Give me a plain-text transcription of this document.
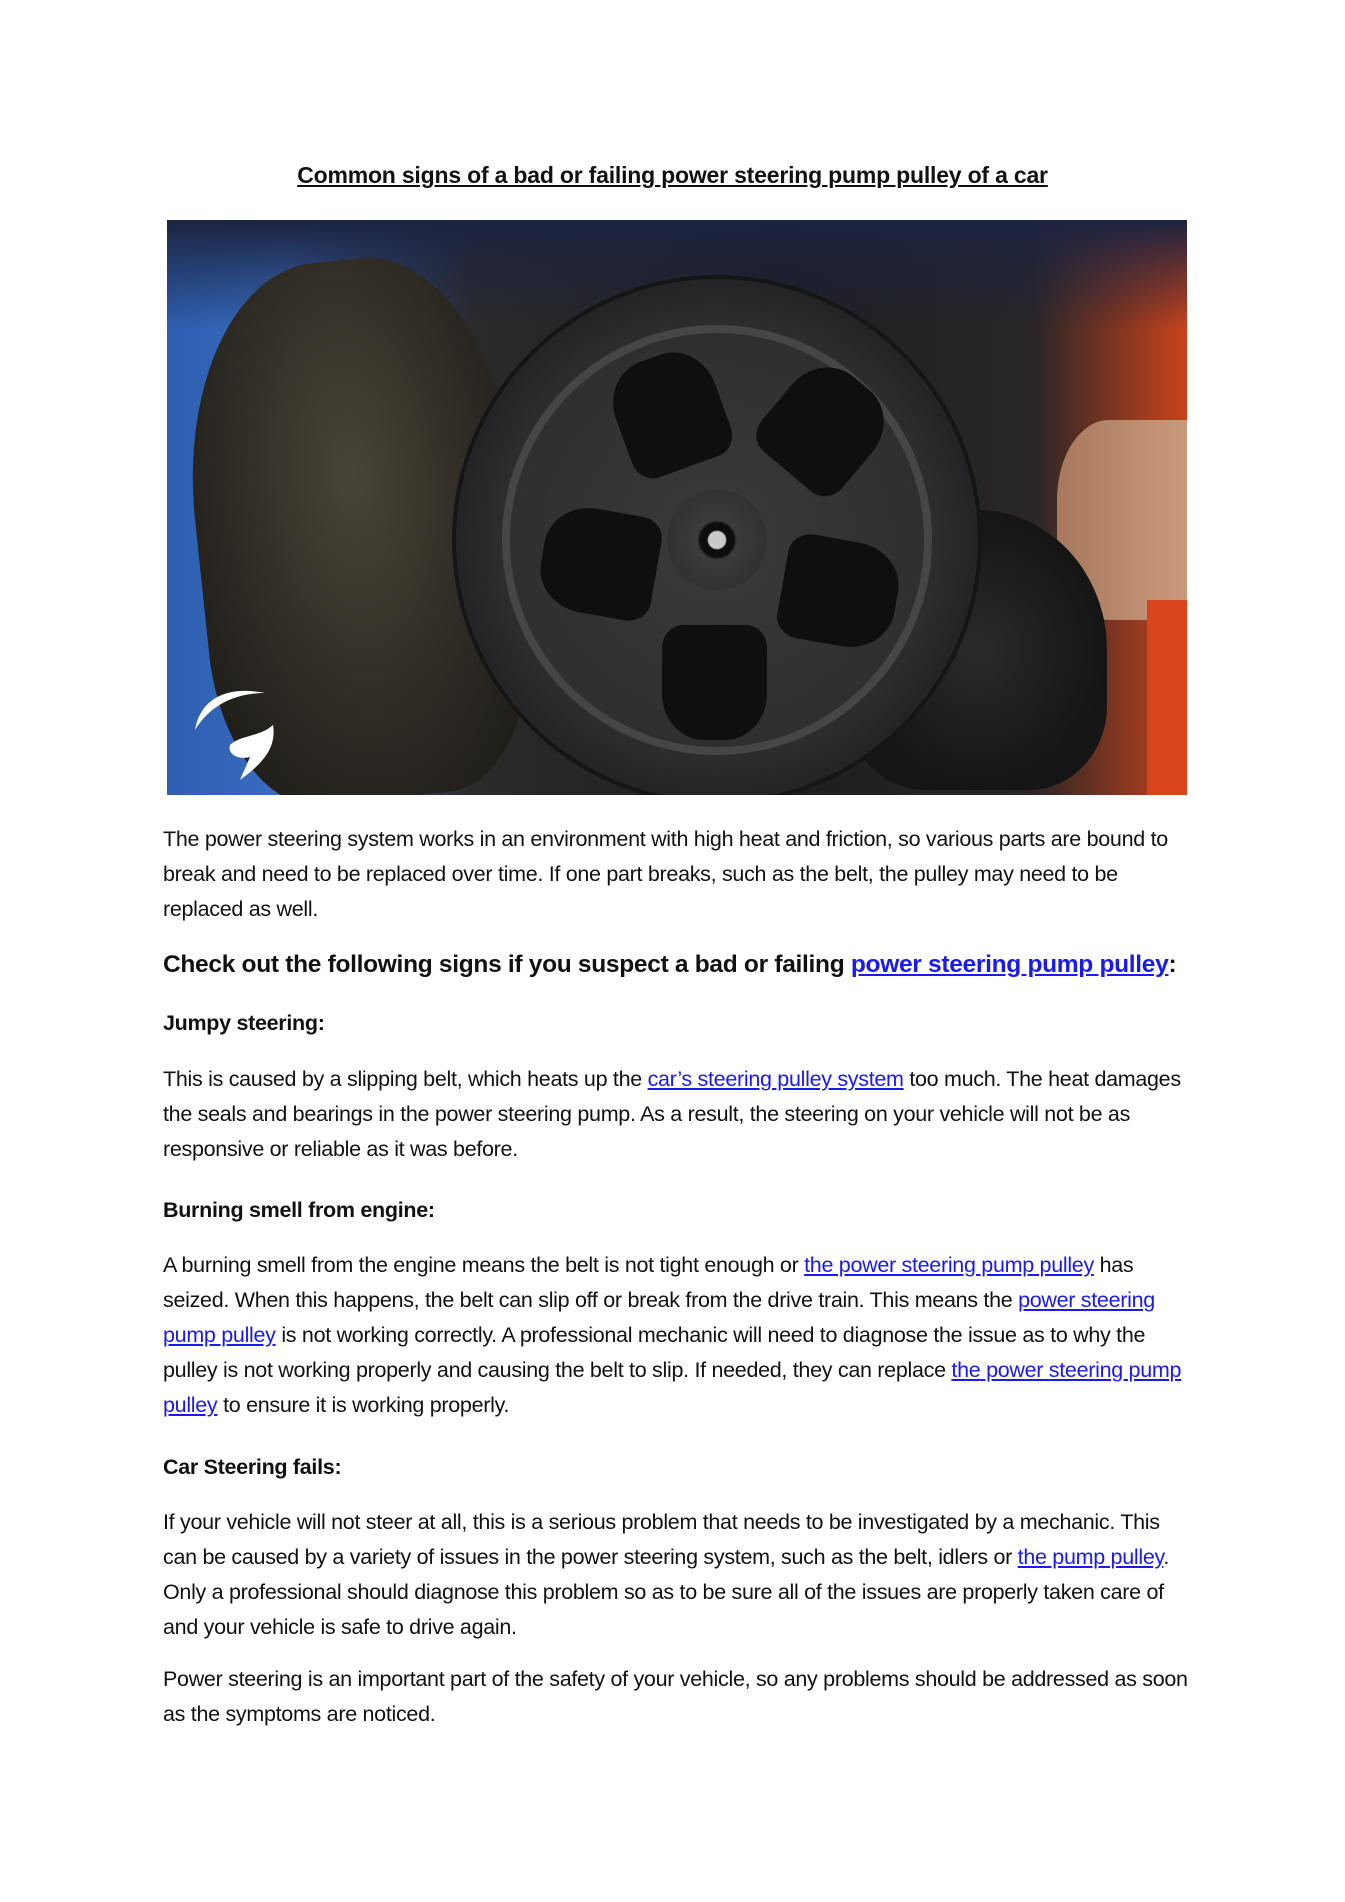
Common signs of a bad or failing power steering pump pulley of a car

The power steering system works in an environment with high heat and friction, so various parts are bound to break and need to be replaced over time. If one part breaks, such as the belt, the pulley may need to be replaced as well.

Check out the following signs if you suspect a bad or failing power steering pump pulley:
Jumpy steering:

This is caused by a slipping belt, which heats up the car’s steering pulley system too much. The heat damages the seals and bearings in the power steering pump. As a result, the steering on your vehicle will not be as responsive or reliable as it was before.

Burning smell from engine:

A burning smell from the engine means the belt is not tight enough or the power steering pump pulley has seized. When this happens, the belt can slip off or break from the drive train. This means the power steering pump pulley is not working correctly. A professional mechanic will need to diagnose the issue as to why the pulley is not working properly and causing the belt to slip. If needed, they can replace the power steering pump pulley to ensure it is working properly.

Car Steering fails:

If your vehicle will not steer at all, this is a serious problem that needs to be investigated by a mechanic. This can be caused by a variety of issues in the power steering system, such as the belt, idlers or the pump pulley. Only a professional should diagnose this problem so as to be sure all of the issues are properly taken care of and your vehicle is safe to drive again.

Power steering is an important part of the safety of your vehicle, so any problems should be addressed as soon as the symptoms are noticed.
